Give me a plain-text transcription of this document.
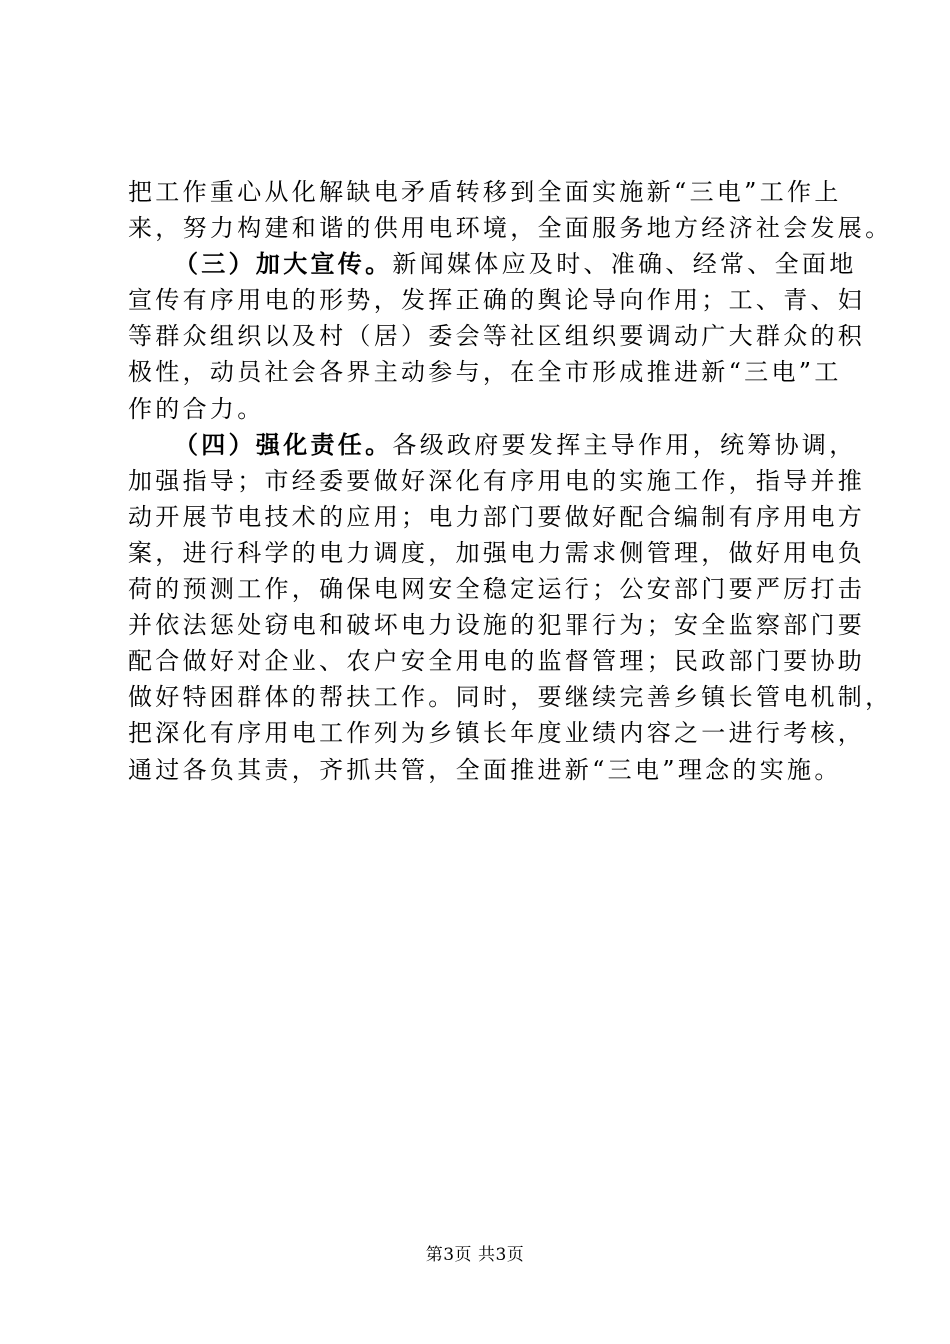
把工作重心从化解缺电矛盾转移到全面实施新“三电”工作上
来，努力构建和谐的供用电环境，全面服务地方经济社会发展。
（三）加大宣传。新闻媒体应及时、准确、经常、全面地
宣传有序用电的形势，发挥正确的舆论导向作用；工、青、妇
等群众组织以及村（居）委会等社区组织要调动广大群众的积
极性，动员社会各界主动参与，在全市形成推进新“三电”工
作的合力。
（四）强化责任。各级政府要发挥主导作用，统筹协调，
加强指导；市经委要做好深化有序用电的实施工作，指导并推
动开展节电技术的应用；电力部门要做好配合编制有序用电方
案，进行科学的电力调度，加强电力需求侧管理，做好用电负
荷的预测工作，确保电网安全稳定运行；公安部门要严厉打击
并依法惩处窃电和破坏电力设施的犯罪行为；安全监察部门要
配合做好对企业、农户安全用电的监督管理；民政部门要协助
做好特困群体的帮扶工作。同时，要继续完善乡镇长管电机制，
把深化有序用电工作列为乡镇长年度业绩内容之一进行考核，
通过各负其责，齐抓共管，全面推进新“三电”理念的实施。
第3页 共3页
